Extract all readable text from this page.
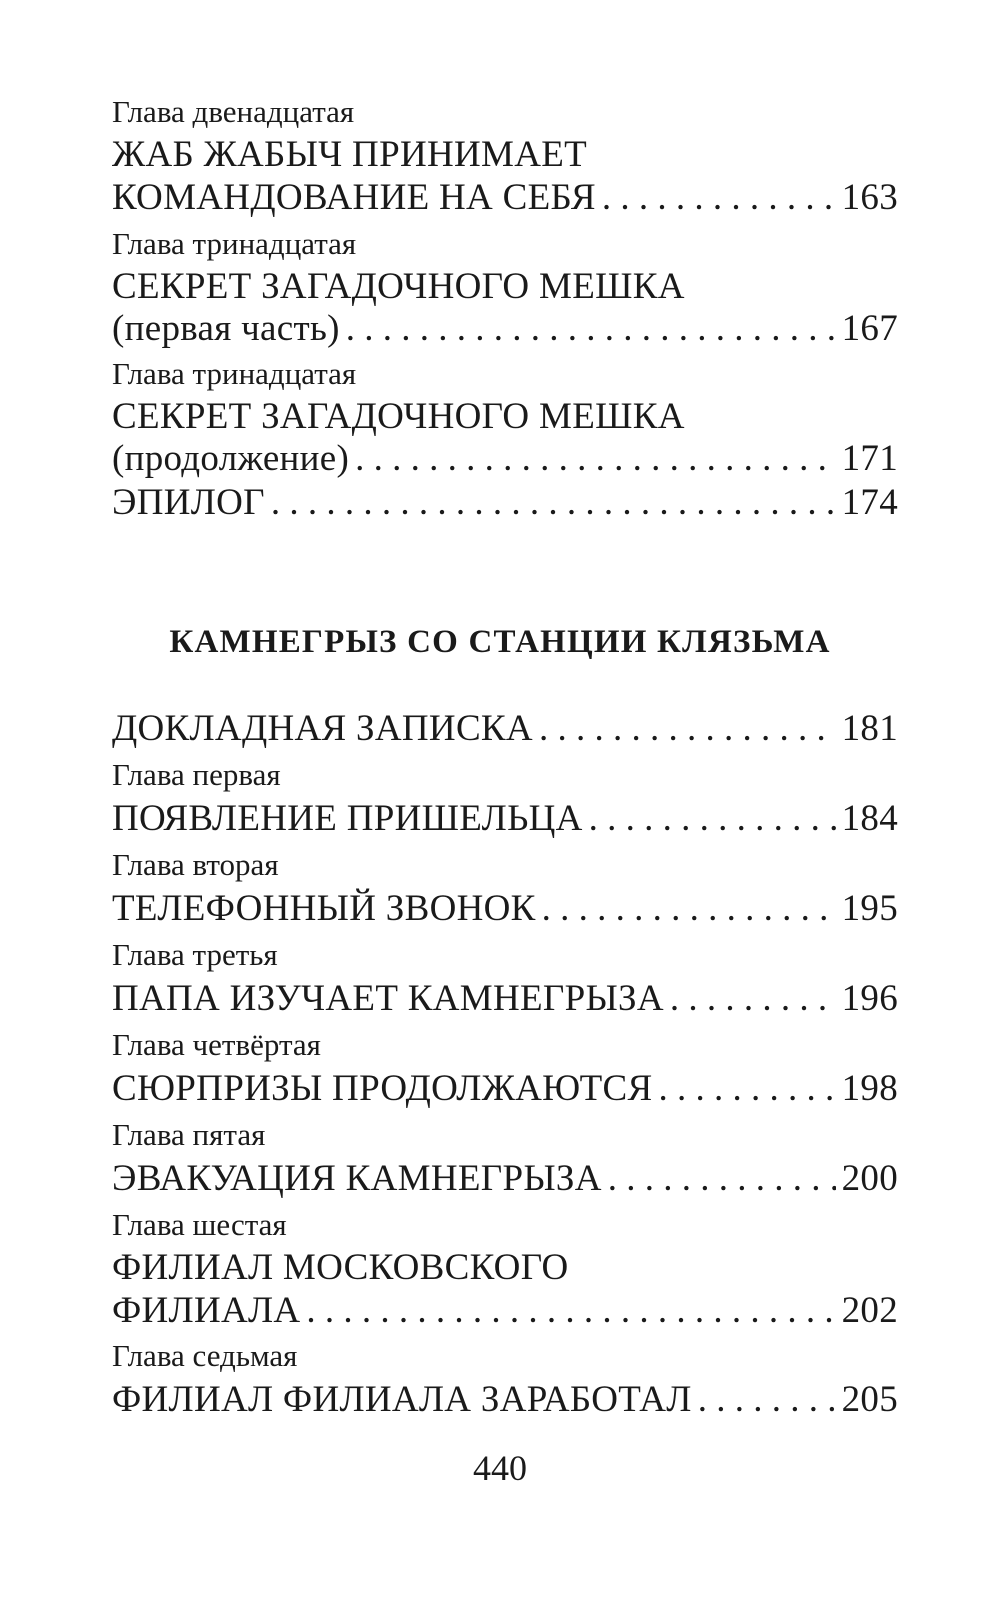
Глава двенадцатая
ЖАБ ЖАБЫЧ ПРИНИМАЕТ
КОМАНДОВАНИЕ НА СЕБЯ . . .	163
Глава тринадцатая
СЕКРЕТ ЗАГАДОЧНОГО МЕШКА
(первая часть) . . .	167
Глава тринадцатая
СЕКРЕТ ЗАГАДОЧНОГО МЕШКА
(продолжение) . . .	171
ЭПИЛОГ . . .	174
КАМНЕГРЫЗ СО СТАНЦИИ КЛЯЗЬМА
ДОКЛАДНАЯ ЗАПИСКА . . .	181
Глава первая
ПОЯВЛЕНИЕ ПРИШЕЛЬЦА . . .	184
Глава вторая
ТЕЛЕФОННЫЙ ЗВОНОК . . .	195
Глава третья
ПАПА ИЗУЧАЕТ КАМНЕГРЫЗА . . .	196
Глава четвёртая
СЮРПРИЗЫ ПРОДОЛЖАЮТСЯ . . .	198
Глава пятая
ЭВАКУАЦИЯ КАМНЕГРЫЗА . . .	200
Глава шестая
ФИЛИАЛ МОСКОВСКОГО
ФИЛИАЛА . . .	202
Глава седьмая
ФИЛИАЛ ФИЛИАЛА ЗАРАБОТАЛ . . .	205
440
